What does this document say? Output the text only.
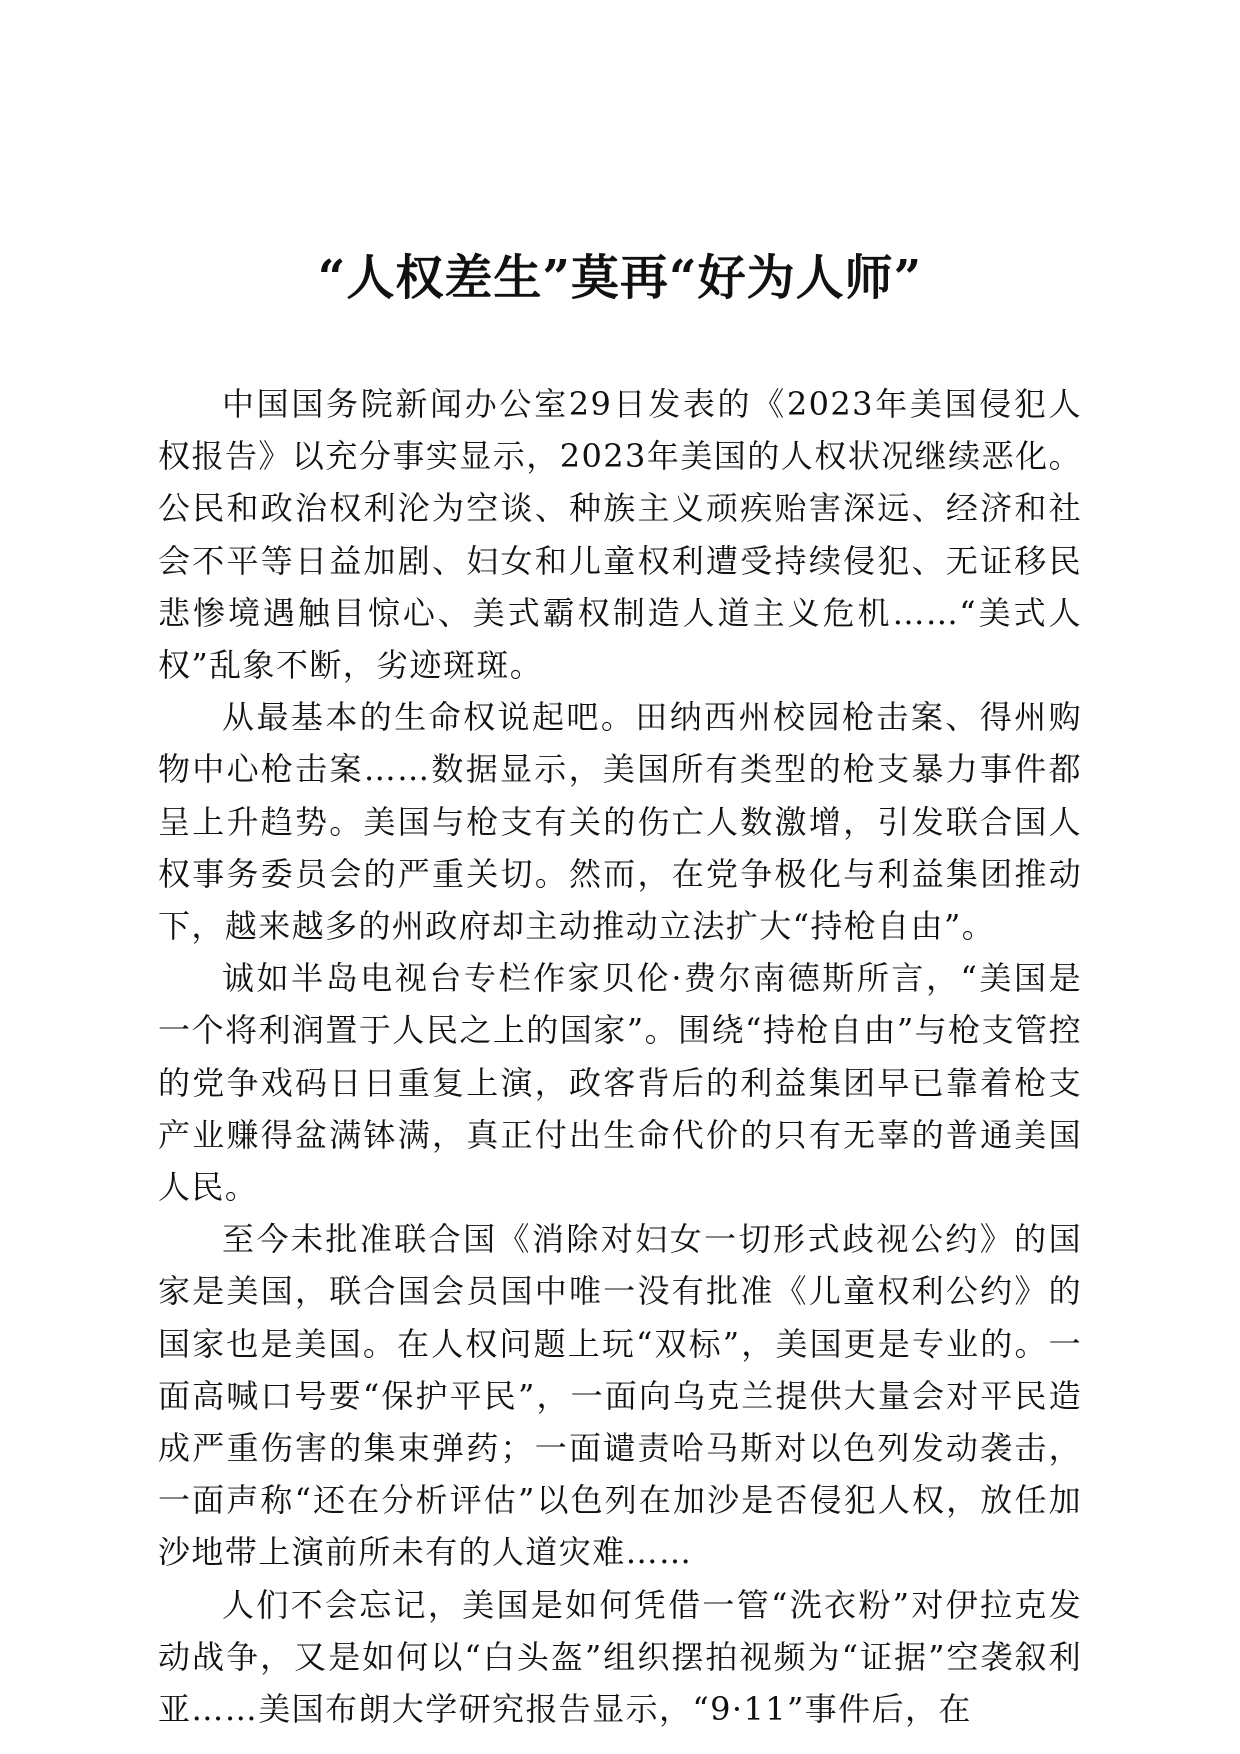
“人权差生”莫再“好为人师”

中国国务院新闻办公室29日发表的《2023年美国侵犯人权报告》以充分事实显示，2023年美国的人权状况继续恶化。公民和政治权利沦为空谈、种族主义顽疾贻害深远、经济和社会不平等日益加剧、妇女和儿童权利遭受持续侵犯、无证移民悲惨境遇触目惊心、美式霸权制造人道主义危机……“美式人权”乱象不断，劣迹斑斑。

从最基本的生命权说起吧。田纳西州校园枪击案、得州购物中心枪击案……数据显示，美国所有类型的枪支暴力事件都呈上升趋势。美国与枪支有关的伤亡人数激增，引发联合国人权事务委员会的严重关切。然而，在党争极化与利益集团推动下，越来越多的州政府却主动推动立法扩大“持枪自由”。

诚如半岛电视台专栏作家贝伦·费尔南德斯所言，“美国是一个将利润置于人民之上的国家”。围绕“持枪自由”与枪支管控的党争戏码日日重复上演，政客背后的利益集团早已靠着枪支产业赚得盆满钵满，真正付出生命代价的只有无辜的普通美国人民。

至今未批准联合国《消除对妇女一切形式歧视公约》的国家是美国，联合国会员国中唯一没有批准《儿童权利公约》的国家也是美国。在人权问题上玩“双标”，美国更是专业的。一面高喊口号要“保护平民”，一面向乌克兰提供大量会对平民造成严重伤害的集束弹药；一面谴责哈马斯对以色列发动袭击，一面声称“还在分析评估”以色列在加沙是否侵犯人权，放任加沙地带上演前所未有的人道灾难……

人们不会忘记，美国是如何凭借一管“洗衣粉”对伊拉克发动战争，又是如何以“白头盔”组织摆拍视频为“证据”空袭叙利亚……美国布朗大学研究报告显示，“9·11”事件后，在
